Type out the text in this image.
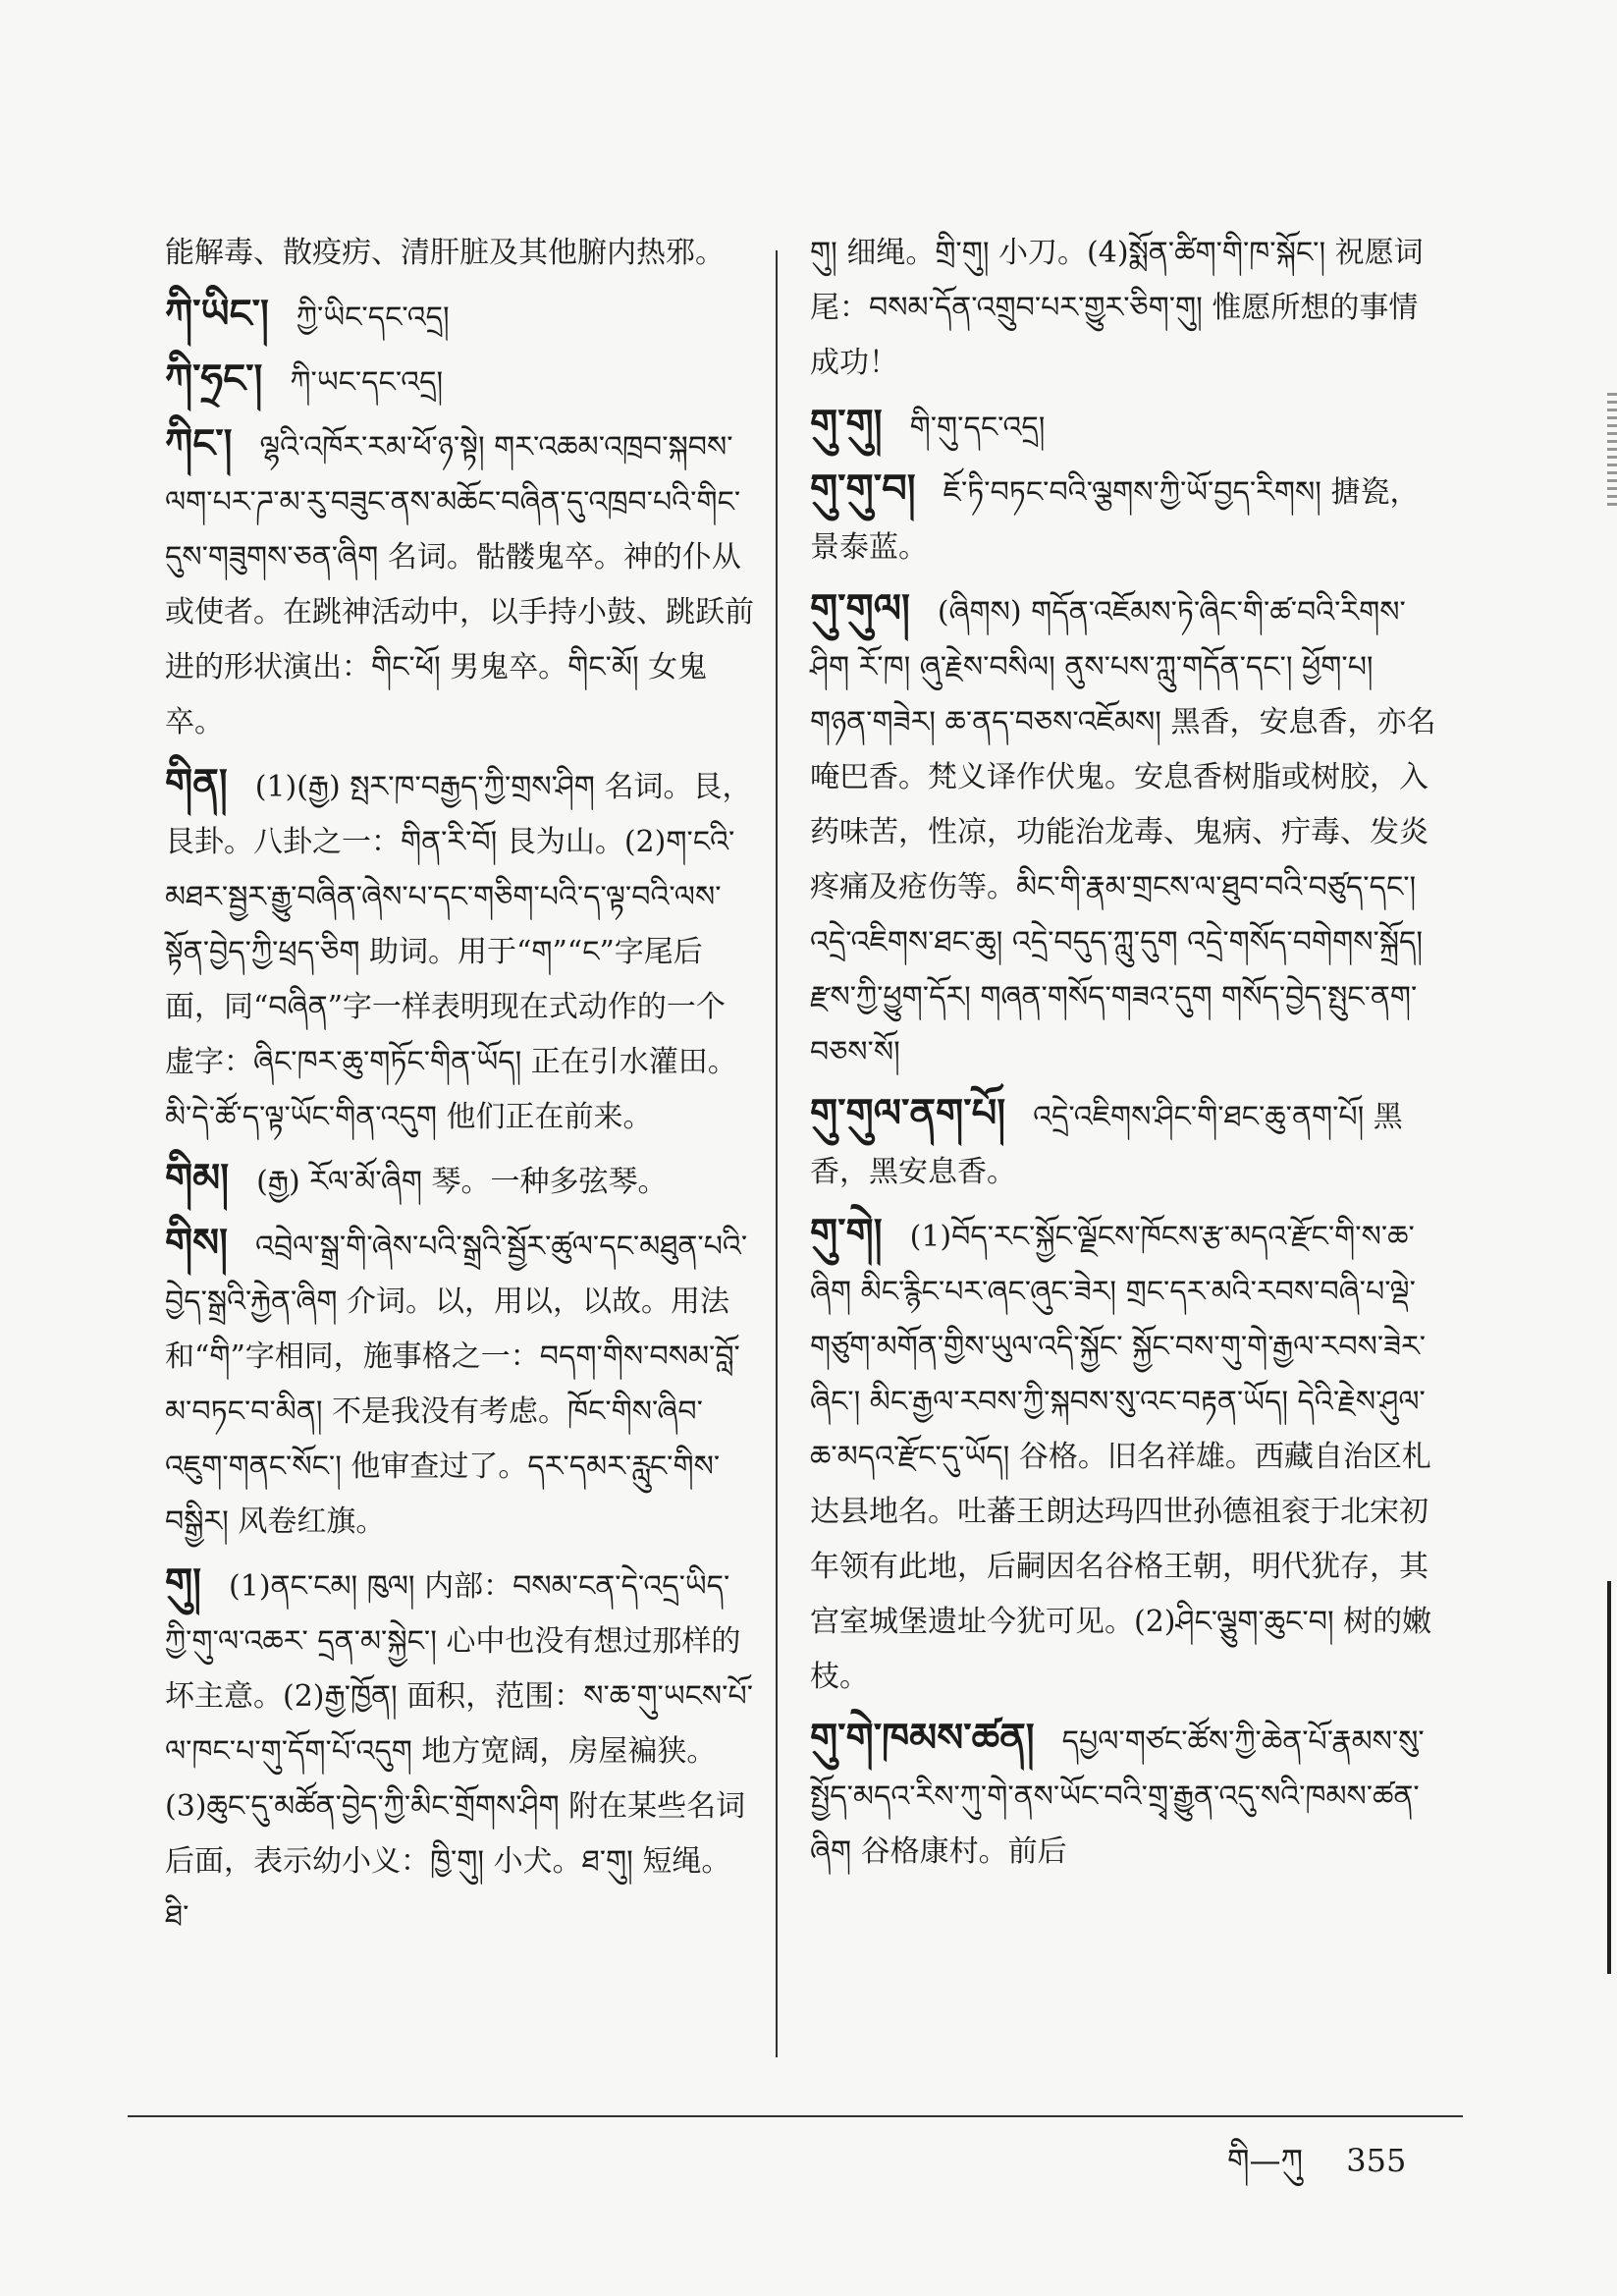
能解毒、散疫疠、清肝脏及其他腑内热邪。
ཀི་ཡིང་། ཀྱི་ཡིང་དང་འདྲ།
ཀི་ཧྲང་། ཀི་ཡང་དང་འདྲ།
ཀིང་། ལྷའི་འཁོར་རམ་ཕོ་ཉ་སྟེ། གར་འཆམ་འཁྲབ་སྐབས་ལག་པར་ཌ་མ་རུ་བཟུང་ནས་མཆོང་བཞིན་དུ་འཁྲབ་པའི་གིང་དུས་གཟུགས་ཅན་ཞིག 名词。骷髅鬼卒。神的仆从或使者。在跳神活动中，以手持小鼓、跳跃前进的形状演出：གིང་ཕོ། 男鬼卒。གིང་མོ། 女鬼卒。
གིན། (1)(རྒྱ) སྤར་ཁ་བརྒྱད་ཀྱི་གྲས་ཤིག 名词。艮，艮卦。八卦之一：གིན་རི་བོ། 艮为山。(2)ག་ངའི་མཐར་སྦྱར་རྒྱུ་བཞིན་ཞེས་པ་དང་གཅིག་པའི་ད་ལྟ་བའི་ལས་སྟོན་བྱེད་ཀྱི་ཕྲད་ཅིག 助词。用于“ག”“ང”字尾后面，同“བཞིན”字一样表明现在式动作的一个虚字：ཞིང་ཁར་ཆུ་གཏོང་གིན་ཡོད། 正在引水灌田。མི་དེ་ཚོ་ད་ལྟ་ཡོང་གིན་འདུག 他们正在前来。
གིམ། (རྒྱ) རོལ་མོ་ཞིག 琴。一种多弦琴。
གིས། འབྲེལ་སྒྲ་གི་ཞེས་པའི་སྒྲའི་སྦྱོར་ཚུལ་དང་མཐུན་པའི་བྱེད་སྒྲའི་རྐྱེན་ཞིག 介词。以，用以，以故。用法和“གི”字相同，施事格之一：བདག་གིས་བསམ་བློ་མ་བཏང་བ་མིན། 不是我没有考虑。ཁོང་གིས་ཞིབ་འཇུག་གནང་སོང་། 他审查过了。དར་དམར་རླུང་གིས་བསྒྱིར། 风卷红旗。
གུ། (1)ནང་ངམ། ཁུལ། 内部：བསམ་ངན་དེ་འདྲ་ཡིད་ཀྱི་གུ་ལ་འཆར་ དྲན་མ་སྐྱེང་། 心中也没有想过那样的坏主意。(2)རྒྱ་ཁྱོན། 面积，范围：ས་ཆ་གུ་ཡངས་པོ་ལ་ཁང་པ་གུ་དོག་པོ་འདུག 地方宽阔，房屋褊狭。(3)ཆུང་དུ་མཚོན་བྱེད་ཀྱི་མིང་གྲོགས་ཤིག 附在某些名词后面，表示幼小义：ཁྱི་གུ། 小犬。ཐ་གུ། 短绳。ཐི་
གུ། 细绳。གྲི་གུ། 小刀。(4)སྨོན་ཚིག་གི་ཁ་སྐོང་། 祝愿词尾：བསམ་དོན་འགྲུབ་པར་གྱུར་ཅིག་གུ། 惟愿所想的事情成功！
གུ་གུ། གི་གུ་དང་འདྲ།
གུ་གུ་བ། ཇོ་ཏི་བཏང་བའི་ལྕགས་ཀྱི་ཡོ་བྱད་རིགས། 搪瓷，景泰蓝。
གུ་གུལ། (ཞིགས) གདོན་འཇོམས་ཏེ་ཞིང་གི་ཚ་བའི་རིགས་ཤིག རོ་ཁ། ཞུ་རྗེས་བསིལ། ནུས་པས་ཀླུ་གདོན་དང་། ཕྱོག་པ། གཉན་གཟེར། ཆ་ནད་བཅས་འཇོམས། 黑香，安息香，亦名唵巴香。梵义译作伏鬼。安息香树脂或树胶，入药味苦，性凉，功能治龙毒、鬼病、疔毒、发炎疼痛及疮伤等。མིང་གི་རྣམ་གྲངས་ལ་ཐུབ་བའི་བཙུད་དང་། འདྲེ་འཇིགས་ཐང་ཆུ། འདྲེ་བདུད་ཀླུ་དུག འདྲེ་གསོད་བགེགས་སྐྲོད། རྫས་ཀྱི་ཕྱུག་དོར། གཞན་གསོད་གཟའ་དུག གསོད་བྱེད་སྤུང་ནག་བཅས་སོ།
གུ་གུལ་ནག་པོ། འདྲེ་འཇིགས་ཤིང་གི་ཐང་ཆུ་ནག་པོ། 黑香，黑安息香。
གུ་གེ། (1)བོད་རང་སྐྱོང་ལྗོངས་ཁོངས་རྩ་མདའ་རྫོང་གི་ས་ཆ་ཞིག མིང་རྙིང་པར་ཞང་ཞུང་ཟེར། གྲང་དར་མའི་རབས་བཞི་པ་ལྡེ་གཙུག་མགོན་གྱིས་ཡུལ་འདི་སྐྱོང་ སྐྱོང་བས་གུ་གེ་རྒྱལ་རབས་ཟེར་ཞིང་། མིང་རྒྱལ་རབས་ཀྱི་སྐབས་སུ་འང་བརྟན་ཡོད། དེའི་རྗེས་ཤུལ་ཆ་མདའ་རྫོང་དུ་ཡོད། 谷格。旧名祥雄。西藏自治区札达县地名。吐蕃王朗达玛四世孙德祖衮于北宋初年领有此地，后嗣因名谷格王朝，明代犹存，其宫室城堡遗址今犹可见。(2)ཤིང་ལྕུག་ཆུང་བ། 树的嫩枝。
གུ་གེ་ཁམས་ཚན། དཔྱལ་གཙང་ཚོས་ཀྱི་ཆེན་པོ་རྣམས་སུ་སྤྱོད་མདའ་རིས་ཀུ་གེ་ནས་ཡོང་བའི་གྲྭ་རྒྱུན་འདུ་སའི་ཁམས་ཚན་ཞིག 谷格康村。前后
གི—ཀུ 355
